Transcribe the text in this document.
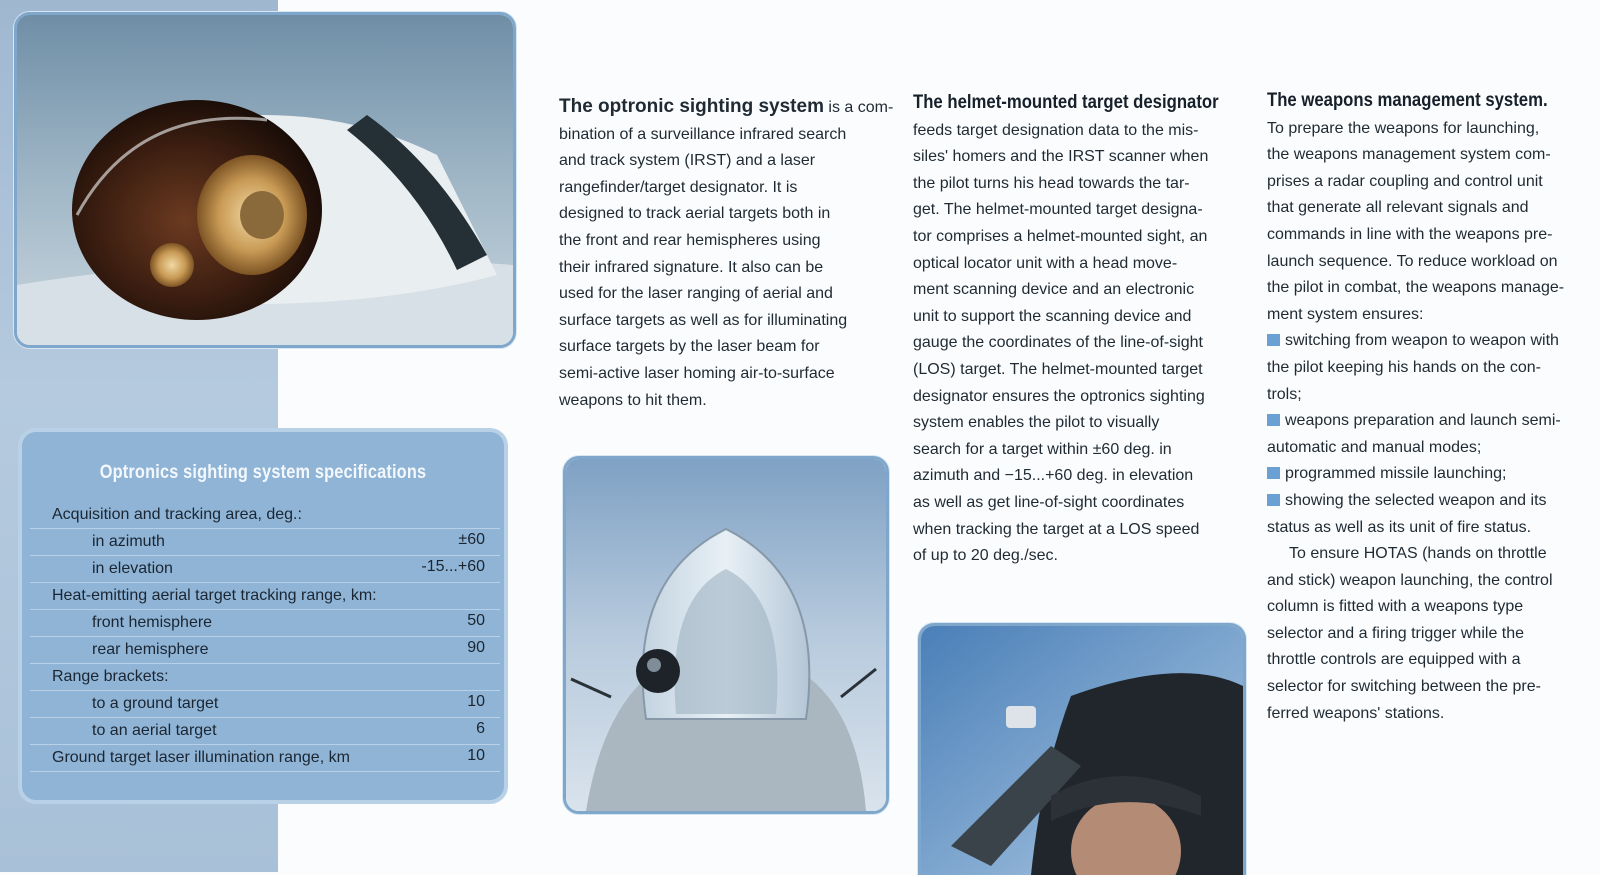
Optronics sighting system specifications
Acquisition and tracking area, deg.:
in azimuth	±60
in elevation	-15...+60
Heat-emitting aerial target tracking range, km:
front hemisphere	50
rear hemisphere	90
Range brackets:
to a ground target	10
to an aerial target	6
Ground target laser illumination range, km	10

The optronic sighting system is a com-

bination of a surveillance infrared search

and track system (IRST) and a laser

rangefinder/target designator. It is

designed to track aerial targets both in

the front and rear hemispheres using

their infrared signature. It also can be

used for the laser ranging of aerial and

surface targets as well as for illuminating

surface targets by the laser beam for

semi-active laser homing air-to-surface

weapons to hit them.

The helmet-mounted target designator

feeds target designation data to the mis-

siles' homers and the IRST scanner when

the pilot turns his head towards the tar-

get. The helmet-mounted target designa-

tor comprises a helmet-mounted sight, an

optical locator unit with a head move-

ment scanning device and an electronic

unit to support the scanning device and

gauge the coordinates of the line-of-sight

(LOS) target. The helmet-mounted target

designator ensures the optronics sighting

system enables the pilot to visually

search for a target within ±60 deg. in

azimuth and −15...+60 deg. in elevation

as well as get line-of-sight coordinates

when tracking the target at a LOS speed

of up to 20 deg./sec.

The weapons management system.

To prepare the weapons for launching,

the weapons management system com-

prises a radar coupling and control unit

that generate all relevant signals and

commands in line with the weapons pre-

launch sequence. To reduce workload on

the pilot in combat, the weapons manage-

ment system ensures:

switching from weapon to weapon with

the pilot keeping his hands on the con-

trols;

weapons preparation and launch semi-

automatic and manual modes;

programmed missile launching;

showing the selected weapon and its

status as well as its unit of fire status.

To ensure HOTAS (hands on throttle

and stick) weapon launching, the control

column is fitted with a weapons type

selector and a firing trigger while the

throttle controls are equipped with a

selector for switching between the pre-

ferred weapons' stations.
